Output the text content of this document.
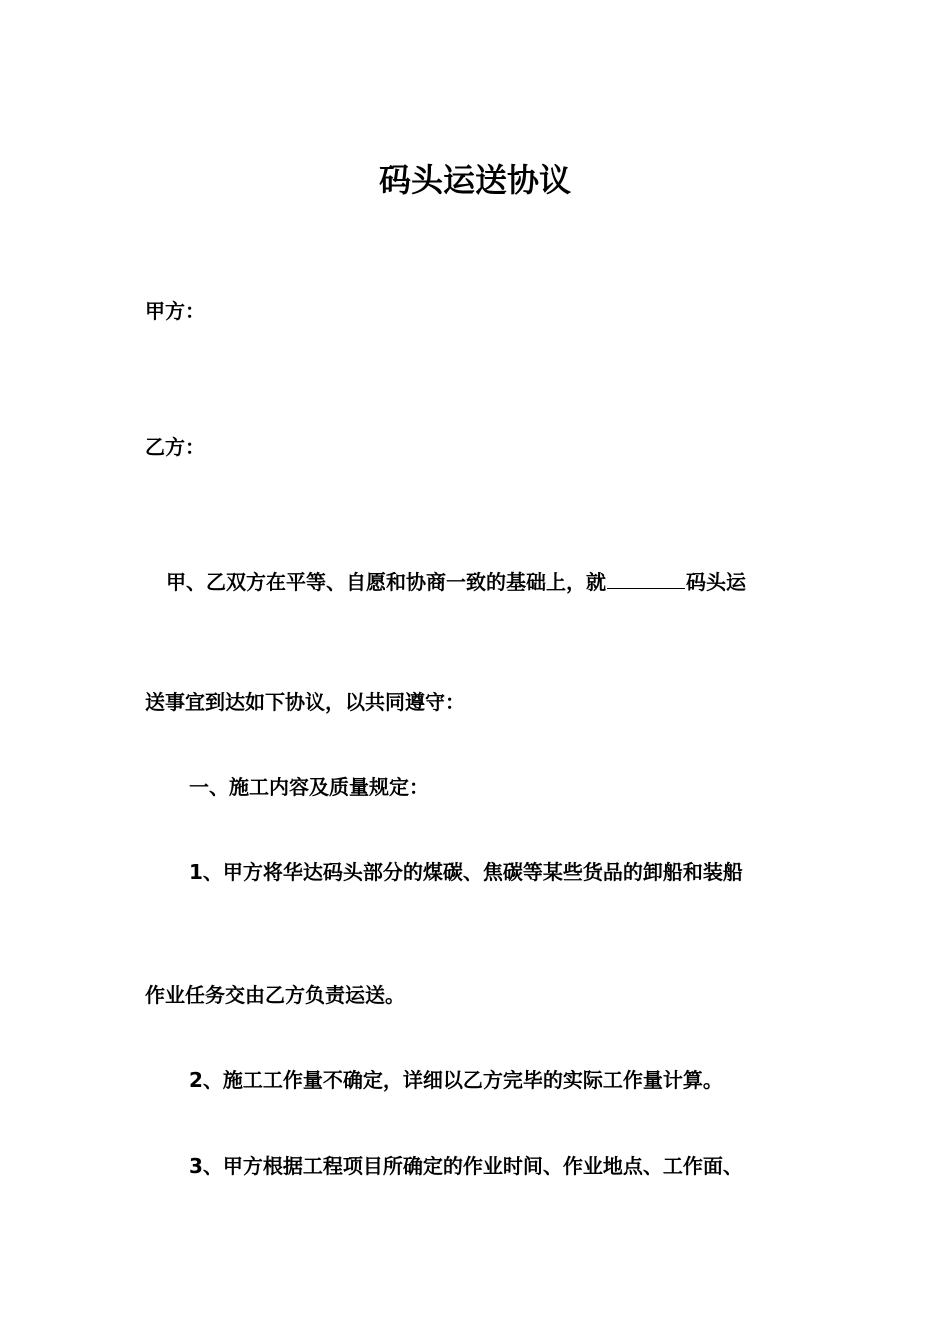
码头运送协议
甲方：
乙方：
甲、乙双方在平等、自愿和协商一致的基础上，就	码头运
送事宜到达如下协议，以共同遵守：
一、施工内容及质量规定：
1、甲方将华达码头部分的煤碳、焦碳等某些货品的卸船和装船
作业任务交由乙方负责运送。
2、施工工作量不确定，详细以乙方完毕的实际工作量计算。
3、甲方根据工程项目所确定的作业时间、作业地点、工作面、
